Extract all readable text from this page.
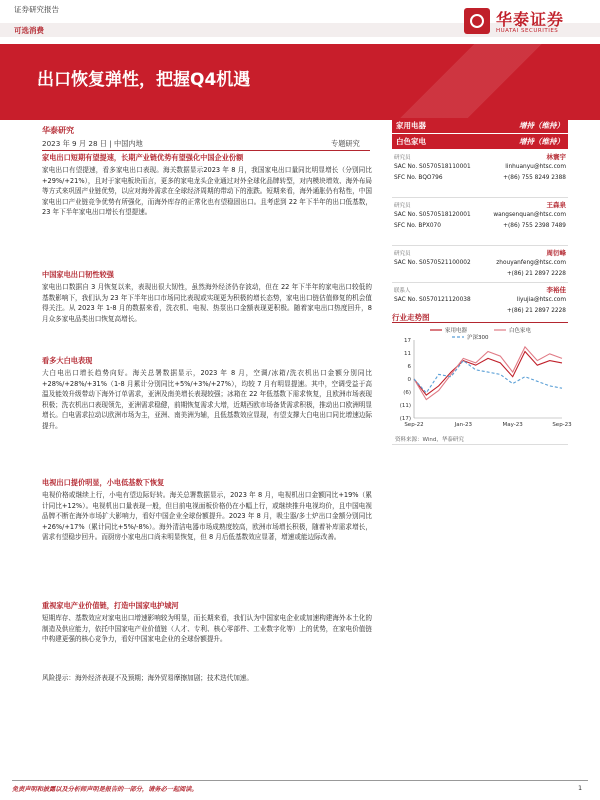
证券研究报告
可选消费
华泰证券
HUATAI SECURITIES
出口恢复弹性，把握Q4机遇
华泰研究
2023 年 9 月 28 日 | 中国内地	专题研究
家电出口短期有望提速，长期产业链优势有望强化中国企业份额
家电出口有望提速，看多家电出口表现。海关数据显示2023 年 8 月，我国家电出口量同比明显增长（分别同比+29%/+21%），且对于家电板块而言，更多的家电龙头企业通过对外全球化品牌转型，对内模块增效、海外布局等方式来巩固产业链优势，以应对海外需求在全球经济周期的带动下的涨跌。短期来看，海外通胀仍有粘性，中国家电出口产业链竞争优势有所强化，而海外库存的正常化也有望稳固出口。且考虑到 22 年下半年的出口低基数，23 年下半年家电出口增长有望提速。
中国家电出口韧性较强
家电出口数据自 3 月恢复以来，表现出很大韧性，虽然海外经济仍存波动，但在 22 年下半年的家电出口较低的基数影响下，我们认为 23 年下半年出口市场同比表现或实现更为积极的增长态势，家电出口链估值修复的机会值得关注。从 2023 年 1-8 月的数据来看，洗衣机、电视、热泵出口金额表现更积极。随着家电出口热度回升，8 月众多家电品类出口恢复高增长。
看多大白电表现
大白电出口增长趋势向好。海关总署数据显示，2023 年 8 月，空调/冰箱/洗衣机出口金额分别同比+28%/+28%/+31%（1-8 月累计分别同比+5%/+3%/+27%），均较 7 月有明显提速。其中，空调受益于高温及能效升级带动下海外订单需求，亚洲及南美增长表现较强；冰箱在 22 年低基数下需求恢复，且欧洲市场表现积极；洗衣机出口表现领先，亚洲需求稳健，前期恢复需求大增，近期西欧市场备货需求积极，推动出口欧洲明显增长。白电需求拉动以欧洲市场为主，亚洲、南美洲为辅，且低基数效应显现，有望支撑大白电出口同比增速边际提升。
电视出口提价明显，小电低基数下恢复
电视价格或继续上行，小电有望边际好转。海关总署数据显示，2023 年 8 月，电视机出口金额同比+19%（累计同比+12%）。电视机出口量表现一般，但目前电视面板价格仍在小幅上行，或继续推升电视均价，且中国电视品牌不断在海外市场扩大影响力，看好中国企业全球份额提升。2023 年 8 月，吸尘器/多士炉出口金额分别同比+26%/+17%（累计同比+5%/-8%）。海外清洁电器市场成熟度较高，欧洲市场增长积极，随着补库需求增长，需求有望稳步回升。而厨房小家电出口尚未明显恢复，但 8 月后低基数效应显著，增速或能边际改善。
重视家电产业价值链，打造中国家电护城河
短期库存、基数效应对家电出口增速影响较为明显，而长期来看，我们认为中国家电企业或加速构建海外本土化的制造及供应能力，依托中国家电产业价值链（人才、专利、核心零部件、工业数字化等）上的优势，在家电价值链中构建更强的核心竞争力，看好中国家电企业的全球份额提升。
风险提示：海外经济表现不及预期；海外贸易摩擦加剧；技术迭代加速。
家用电器	增持（维持）
白色家电	增持（维持）
研究员	林寰宇
SAC No. S0570518110001	linhuanyu@htsc.com
SFC No. BQO796	+(86) 755 8249 2388
研究员	王森泉
SAC No. S0570518120001	wangsenquan@htsc.com
SFC No. BPX070	+(86) 755 2398 7489
研究员	周衍峰
SAC No. S0570521100002	zhouyanfeng@htsc.com
+(86) 21 2897 2228
联系人	李裕佳
SAC No. S0570121120038	liyujia@htsc.com
+(86) 21 2897 2228
行业走势图
(17)
(11)
(6)
0
6
11
17
Sep-22	Jan-23	May-23	Sep-23
家用电器	白色家电
沪深300
资料来源：Wind，华泰研究
免责声明和披露以及分析师声明是报告的一部分，请务必一起阅读。	1
